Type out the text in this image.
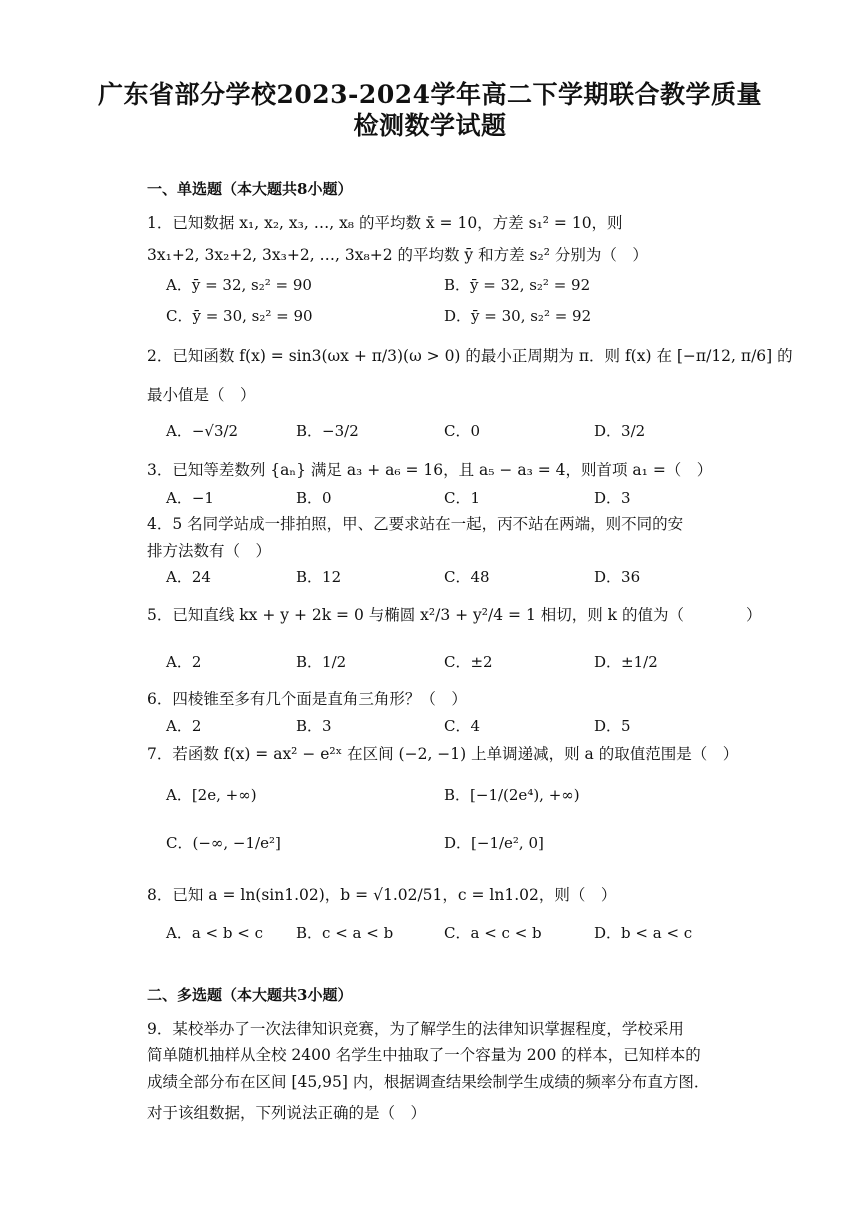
广东省部分学校2023-2024学年高二下学期联合教学质量
检测数学试题
一、单选题（本大题共8小题）
1．已知数据 x₁, x₂, x₃, …, x₈ 的平均数 x̄ = 10，方差 s₁² = 10，则
3x₁+2, 3x₂+2, 3x₃+2, …, 3x₈+2 的平均数 ȳ 和方差 s₂² 分别为（　）
A．ȳ = 32, s₂² = 90	B．ȳ = 32, s₂² = 92
C．ȳ = 30, s₂² = 90	D．ȳ = 30, s₂² = 92
2．已知函数 f(x) = sin3(ωx + π/3)(ω > 0) 的最小正周期为 π．则 f(x) 在 [−π/12, π/6] 的
最小值是（　）
A．−√3/2	B．−3/2	C．0	D．3/2
3．已知等差数列 {aₙ} 满足 a₃ + a₆ = 16，且 a₅ − a₃ = 4，则首项 a₁ =（　）
A．−1	B．0	C．1	D．3
4．5 名同学站成一排拍照，甲、乙要求站在一起，丙不站在两端，则不同的安
排方法数有（　）
A．24	B．12	C．48	D．36
5．已知直线 kx + y + 2k = 0 与椭圆 x²/3 + y²/4 = 1 相切，则 k 的值为（　　　　）
A．2	B．1/2	C．±2	D．±1/2
6．四棱锥至多有几个面是直角三角形？（　）
A．2	B．3	C．4	D．5
7．若函数 f(x) = ax² − e²ˣ 在区间 (−2, −1) 上单调递减，则 a 的取值范围是（　）
A．[2e, +∞)	B．[−1/(2e⁴), +∞)
C．(−∞, −1/e²]	D．[−1/e², 0]
8．已知 a = ln(sin1.02)，b = √1.02/51，c = ln1.02，则（　）
A．a < b < c B．c < a < b	C．a < c < b	D．b < a < c
二、多选题（本大题共3小题）
9．某校举办了一次法律知识竞赛，为了解学生的法律知识掌握程度，学校采用
简单随机抽样从全校 2400 名学生中抽取了一个容量为 200 的样本，已知样本的
成绩全部分布在区间 [45,95] 内，根据调查结果绘制学生成绩的频率分布直方图．
对于该组数据，下列说法正确的是（　）
